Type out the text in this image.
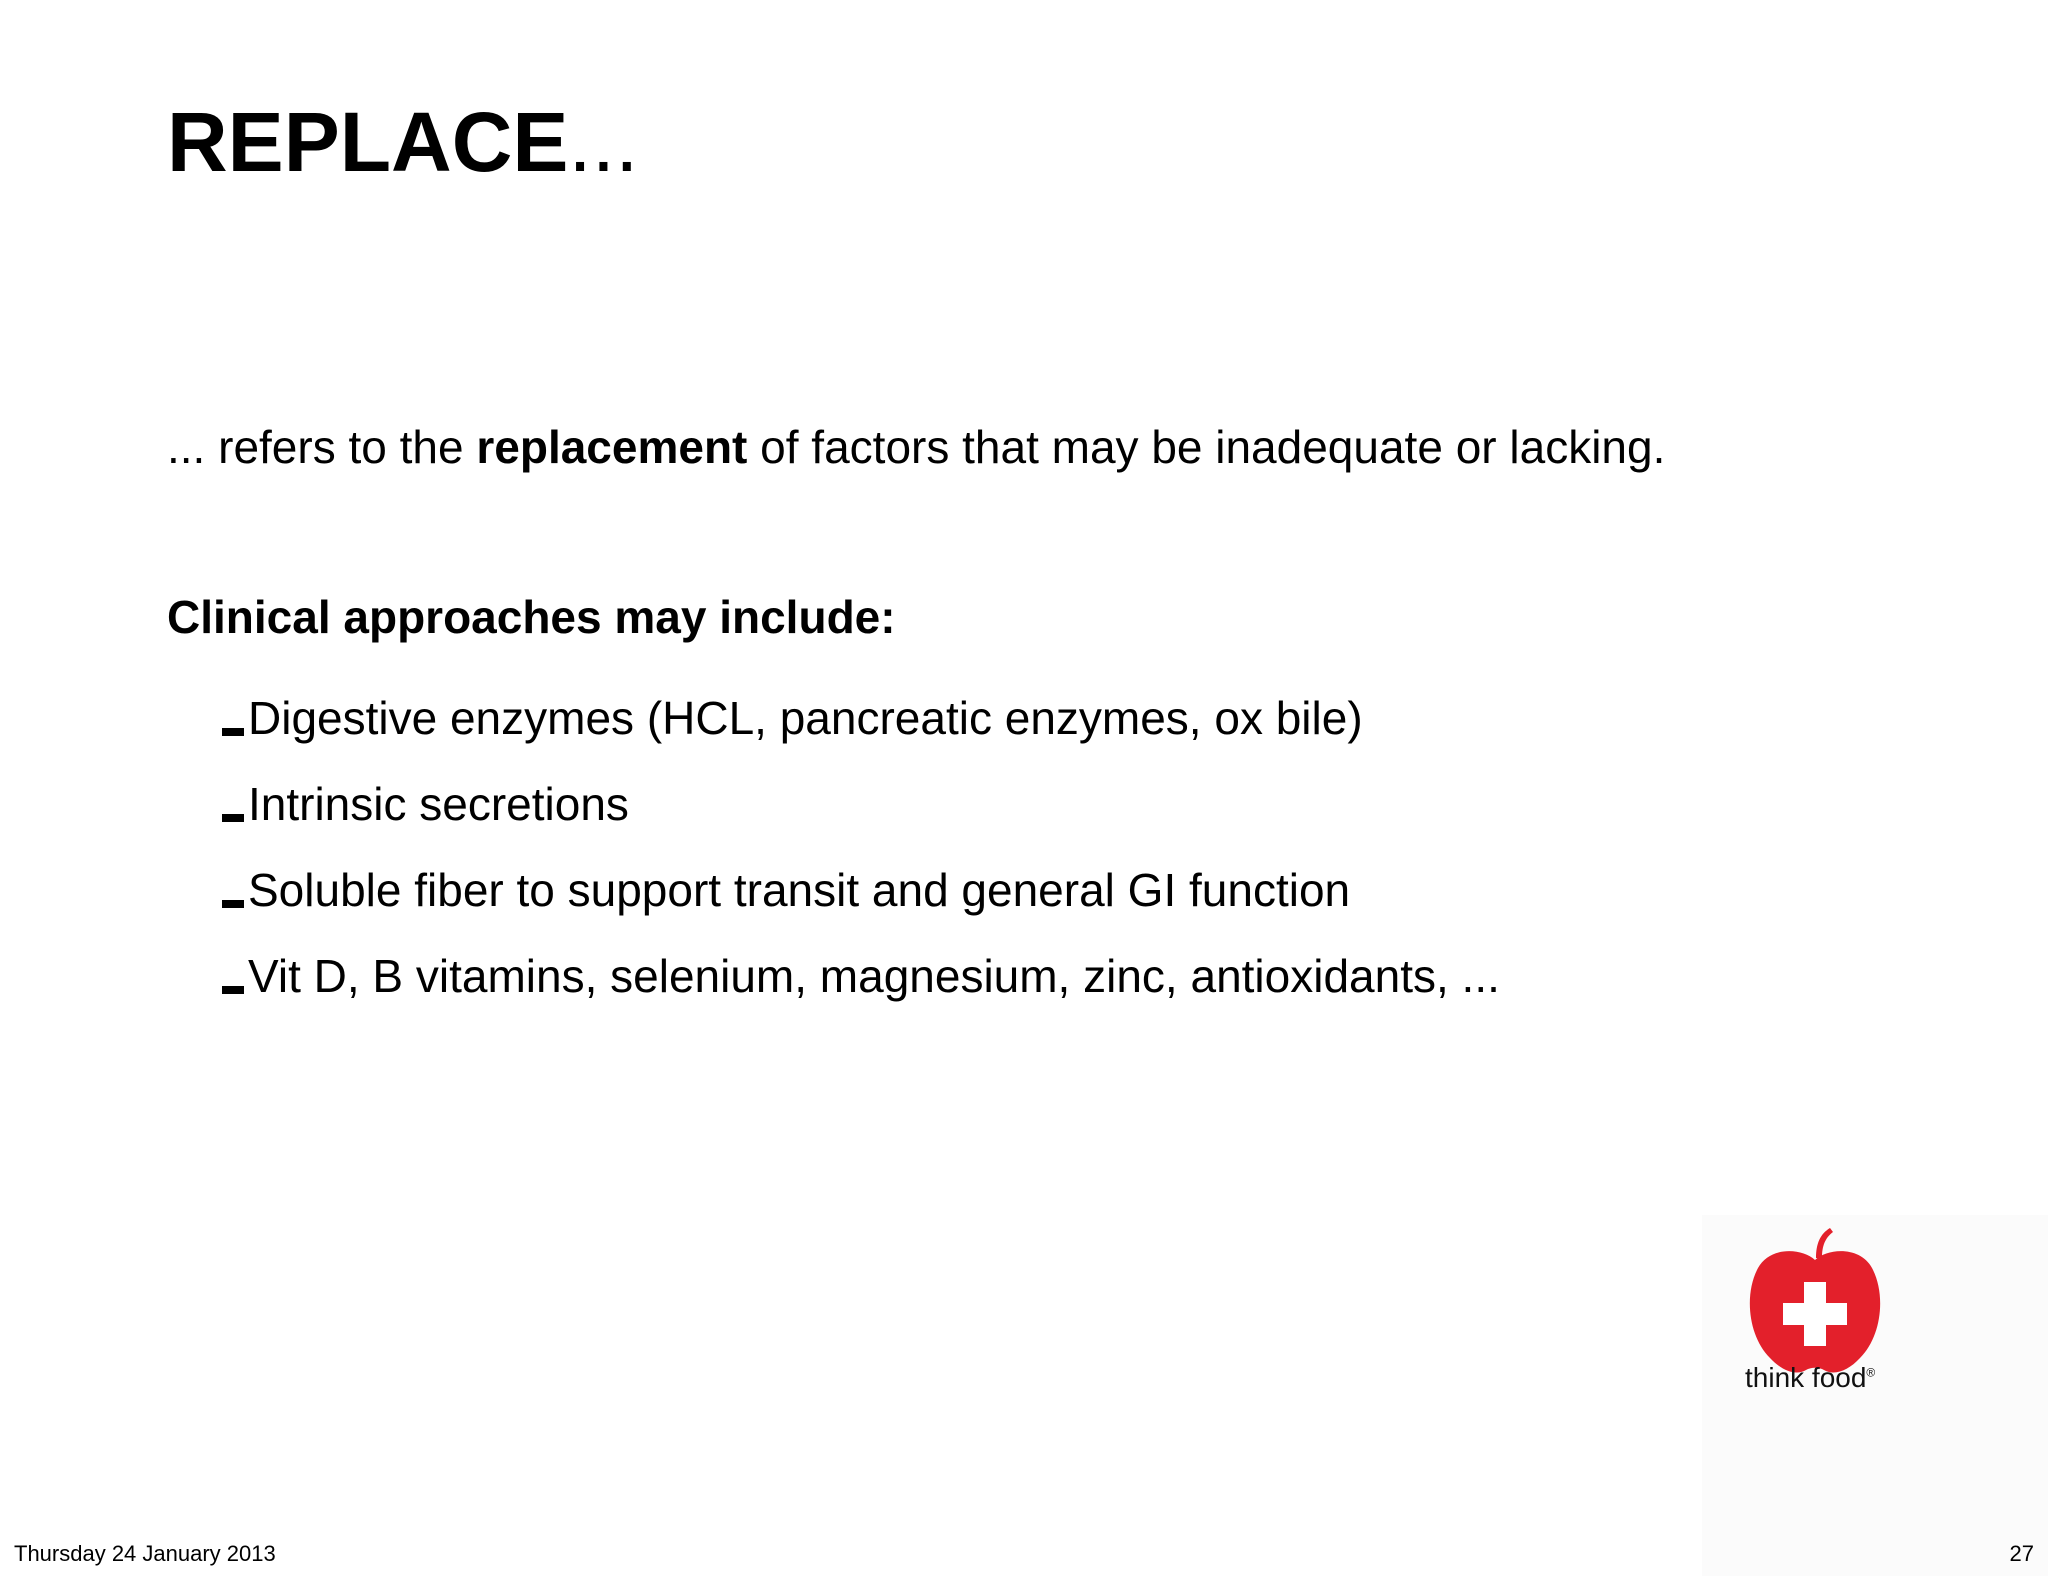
REPLACE...
... refers to the replacement of factors that may be inadequate or lacking.
Clinical approaches may include:
Digestive enzymes (HCL, pancreatic enzymes, ox bile)
Intrinsic secretions
Soluble fiber to support transit and general GI function
Vit D, B vitamins, selenium, magnesium, zinc, antioxidants, ...
think food®
Thursday 24 January 2013	27
